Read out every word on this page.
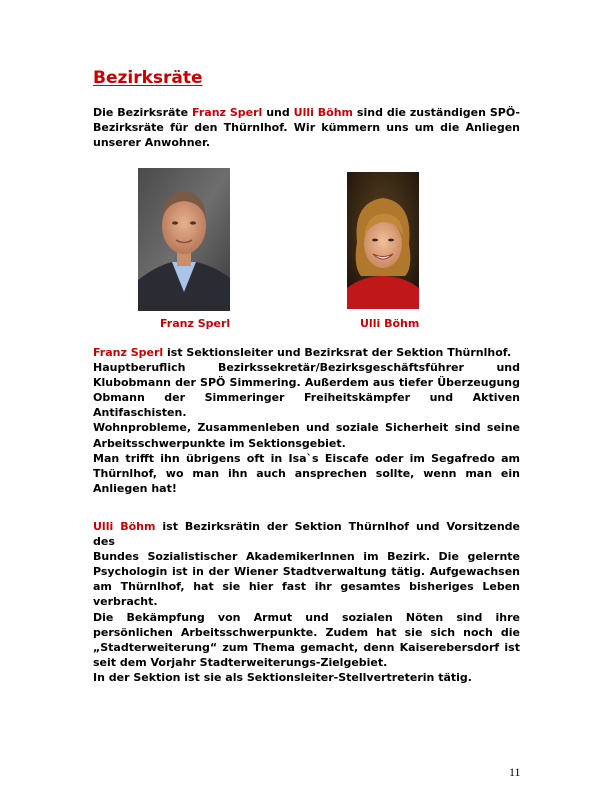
Bezirksräte
Die Bezirksräte Franz Sperl und Ulli Böhm sind die zuständigen SPÖ-
Bezirksräte für den Thürnlhof. Wir kümmern uns um die Anliegen
unserer Anwohner.
Franz Sperl	Ulli Böhm
Franz Sperl ist Sektionsleiter und Bezirksrat der Sektion Thürnlhof.
Hauptberuflich Bezirkssekretär/Bezirksgeschäftsführer und
Klubobmann der SPÖ Simmering. Außerdem aus tiefer Überzeugung
Obmann der Simmeringer Freiheitskämpfer und Aktiven
Antifaschisten.
Wohnprobleme, Zusammenleben und soziale Sicherheit sind seine
Arbeitsschwerpunkte im Sektionsgebiet.
Man trifft ihn übrigens oft in Isa`s Eiscafe oder im Segafredo am
Thürnlhof, wo man ihn auch ansprechen sollte, wenn man ein
Anliegen hat!
Ulli Böhm ist Bezirksrätin der Sektion Thürnlhof und Vorsitzende des
Bundes Sozialistischer AkademikerInnen im Bezirk. Die gelernte
Psychologin ist in der Wiener Stadtverwaltung tätig. Aufgewachsen
am Thürnlhof, hat sie hier fast ihr gesamtes bisheriges Leben
verbracht.
Die Bekämpfung von Armut und sozialen Nöten sind ihre
persönlichen Arbeitsschwerpunkte. Zudem hat sie sich noch die
„Stadterweiterung“ zum Thema gemacht, denn Kaiserebersdorf ist
seit dem Vorjahr Stadterweiterungs-Zielgebiet.
In der Sektion ist sie als Sektionsleiter-Stellvertreterin tätig.
11
